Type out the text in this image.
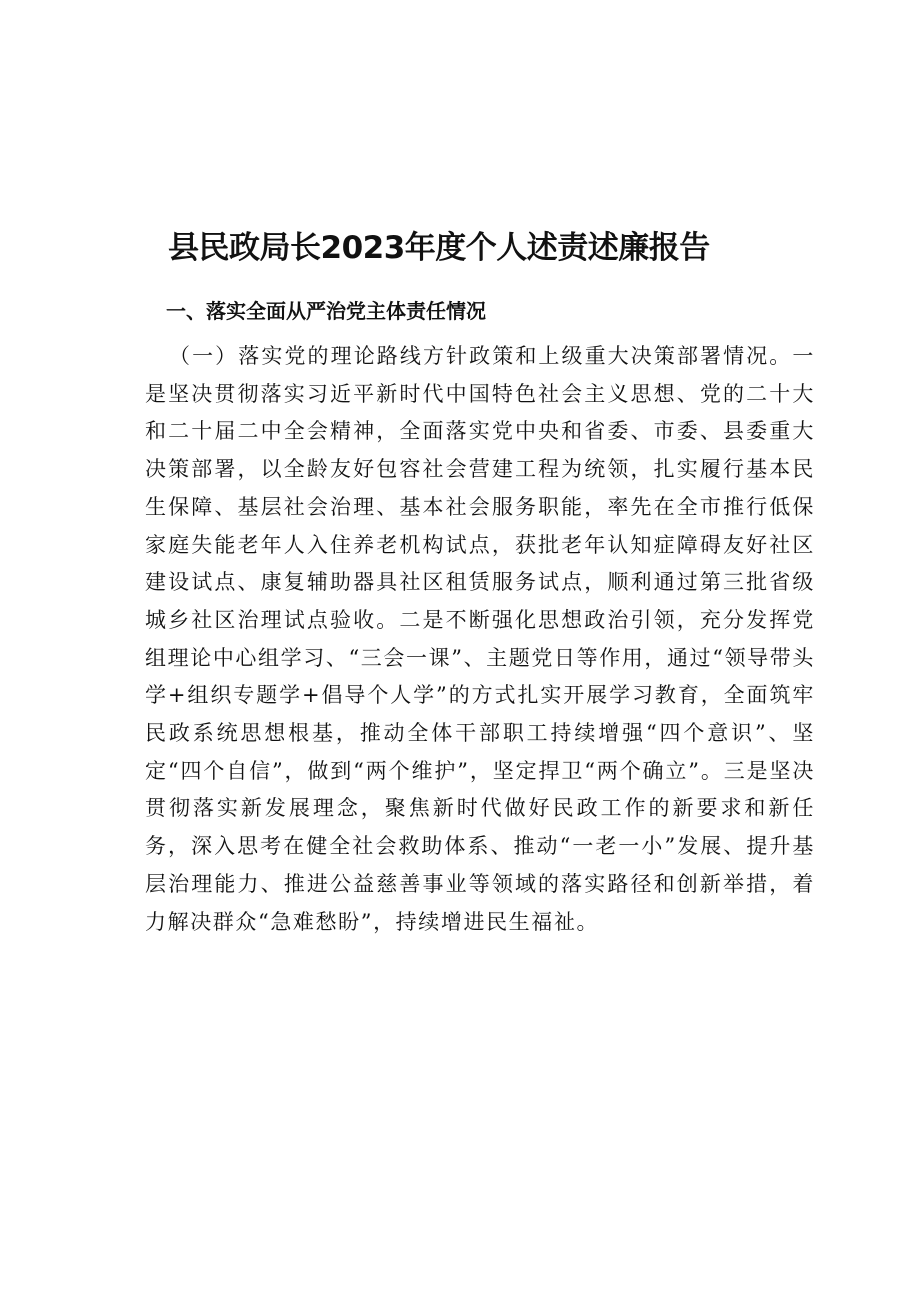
县民政局长2023年度个人述责述廉报告
一、落实全面从严治党主体责任情况

（一）落实党的理论路线方针政策和上级重大决策部署情况。一是坚决贯彻落实习近平新时代中国特色社会主义思想、党的二十大和二十届二中全会精神，全面落实党中央和省委、市委、县委重大决策部署，以全龄友好包容社会营建工程为统领，扎实履行基本民生保障、基层社会治理、基本社会服务职能，率先在全市推行低保家庭失能老年人入住养老机构试点，获批老年认知症障碍友好社区建设试点、康复辅助器具社区租赁服务试点，顺利通过第三批省级城乡社区治理试点验收。二是不断强化思想政治引领，充分发挥党组理论中心组学习、“三会一课”、主题党日等作用，通过“领导带头学+组织专题学+倡导个人学”的方式扎实开展学习教育，全面筑牢民政系统思想根基，推动全体干部职工持续增强“四个意识”、坚定“四个自信”，做到“两个维护”，坚定捍卫“两个确立”。三是坚决贯彻落实新发展理念，聚焦新时代做好民政工作的新要求和新任务，深入思考在健全社会救助体系、推动“一老一小”发展、提升基层治理能力、推进公益慈善事业等领域的落实路径和创新举措，着力解决群众“急难愁盼”，持续增进民生福祉。
